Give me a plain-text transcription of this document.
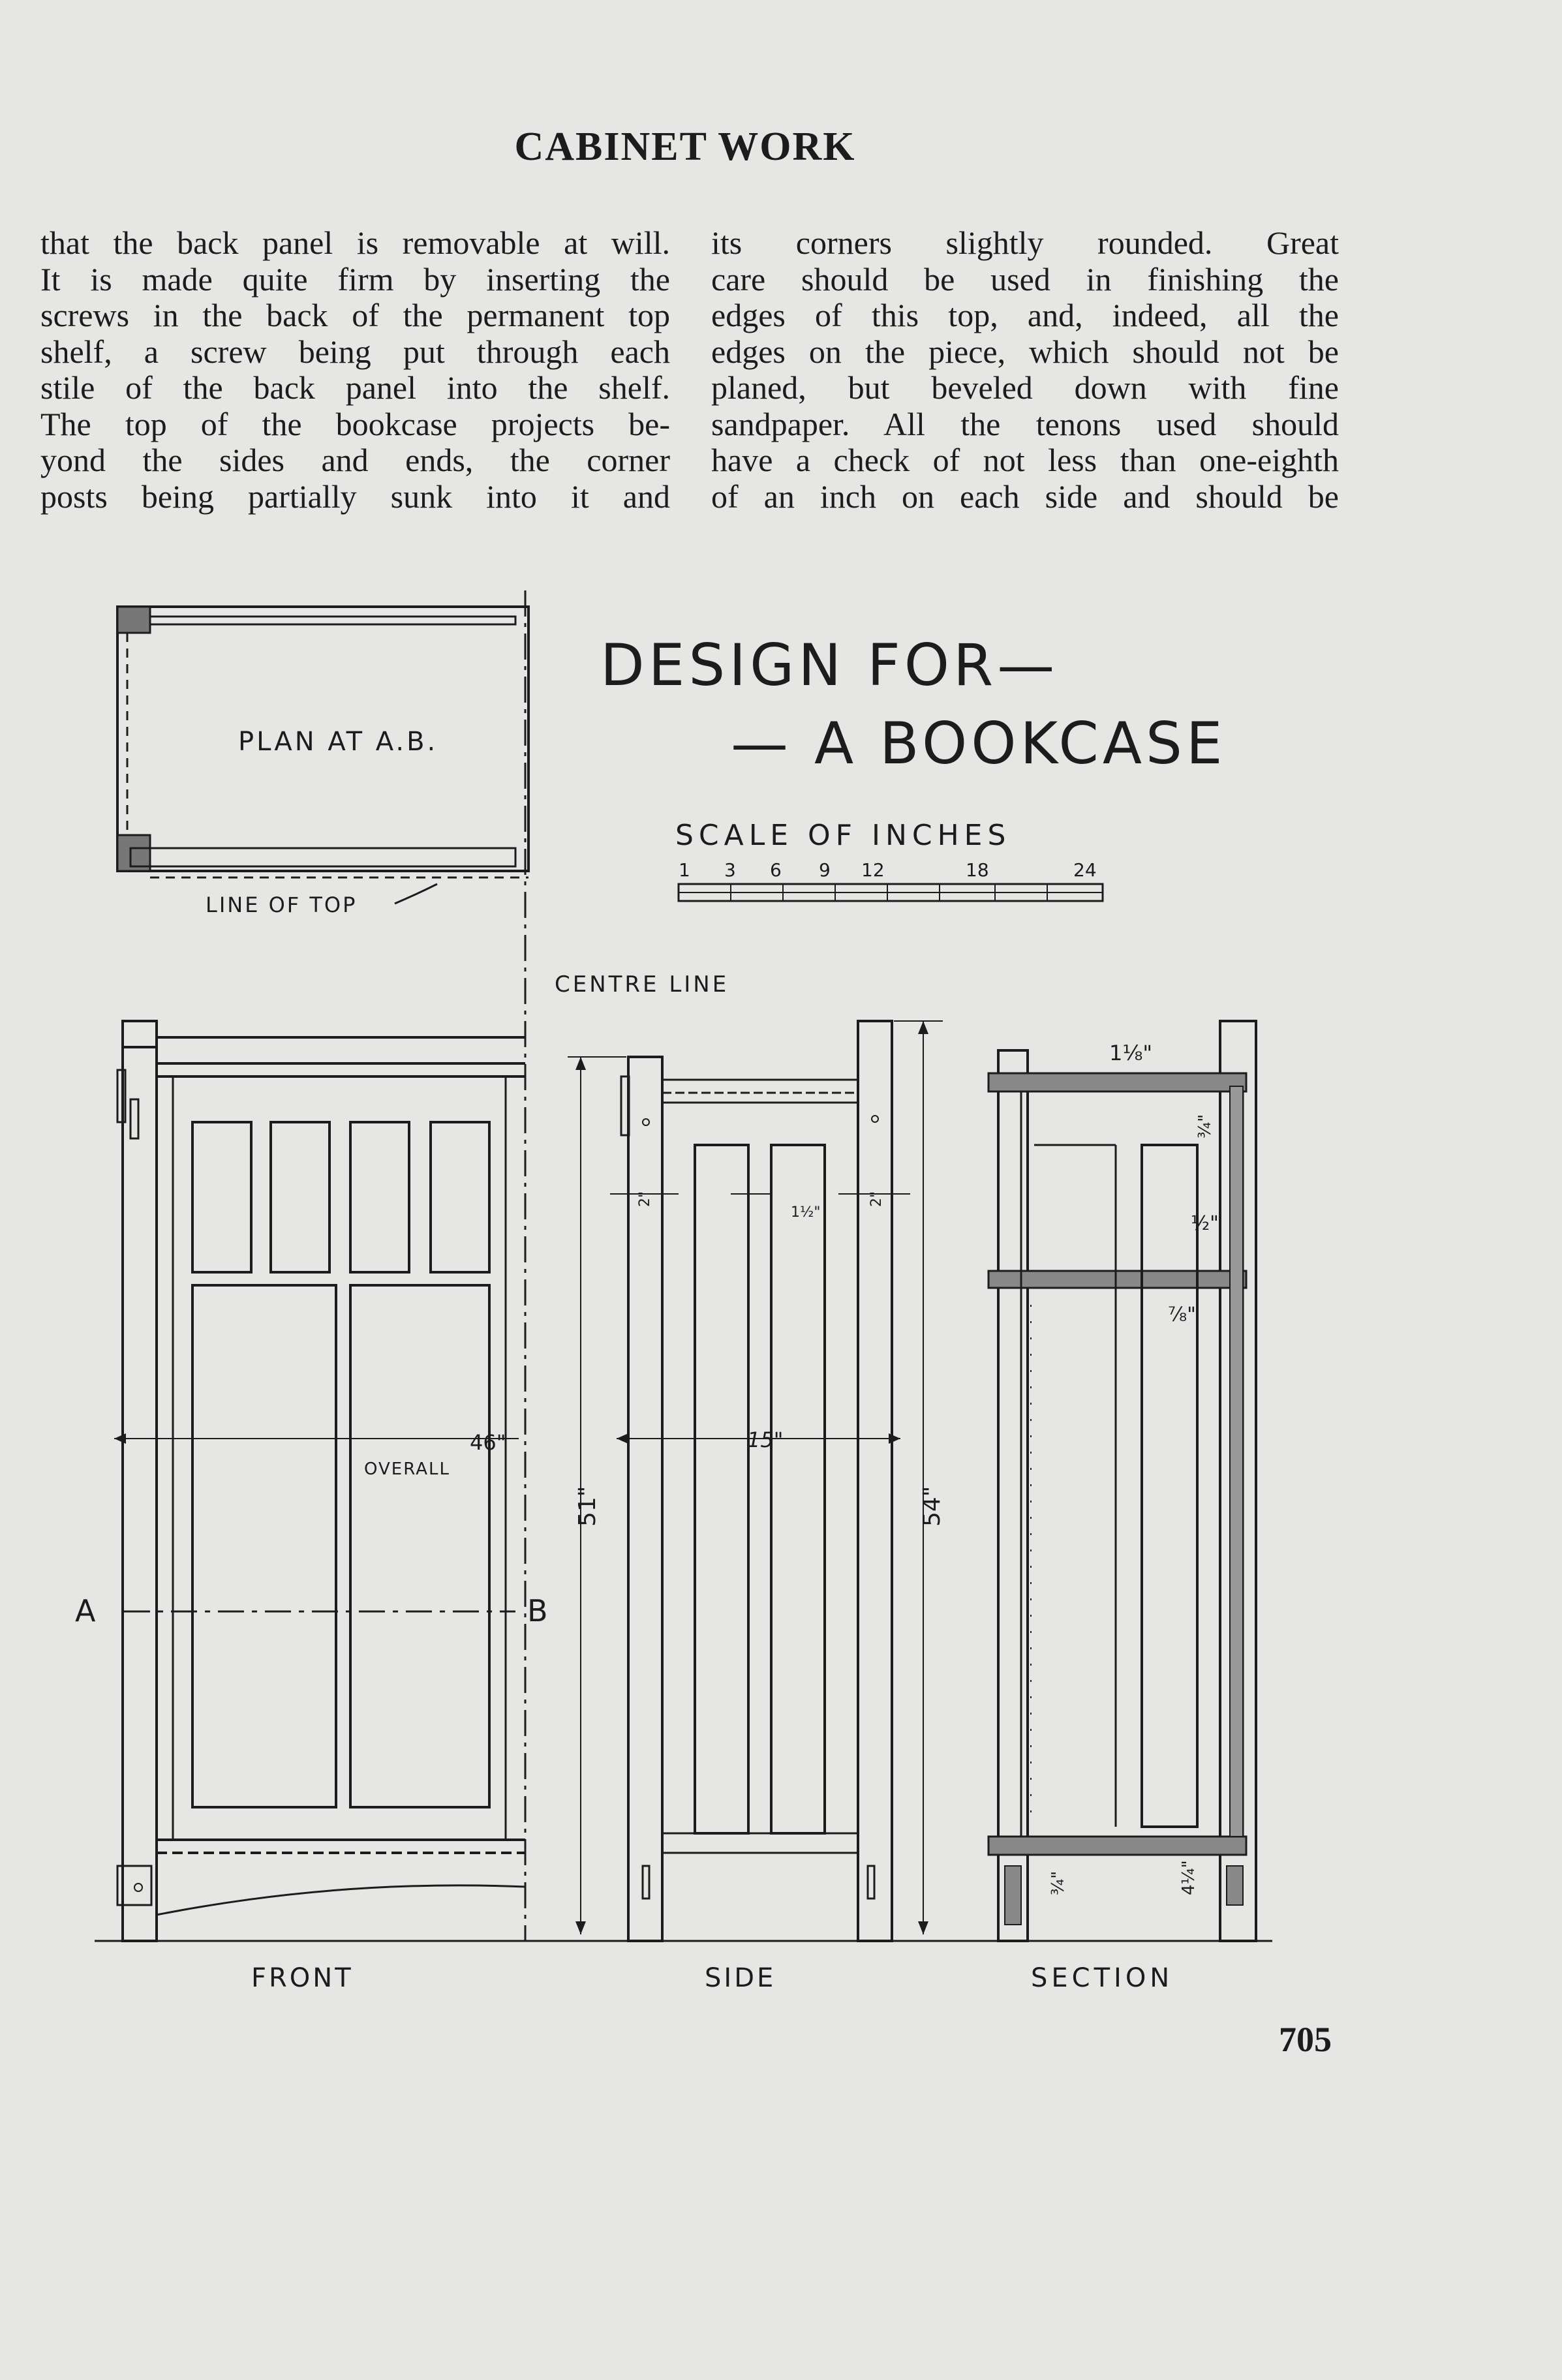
CABINET WORK
that the back panel is removable at will.
It is made quite firm by inserting the
screws in the back of the permanent top
shelf, a screw being put through each
stile of the back panel into the shelf.
The top of the bookcase projects be-
yond the sides and ends, the corner
posts being partially sunk into it and
its corners slightly rounded. Great
care should be used in finishing the
edges of this top, and, indeed, all the
edges on the piece, which should not be
planed, but beveled down with fine
sandpaper. All the tenons used should
have a check of not less than one-eighth
of an inch on each side and should be
PLAN AT A.B.
LINE OF TOP
DESIGN FOR—
— A BOOKCASE
SCALE OF INCHES
1 3 6 9 12	18	24
CENTRE LINE
46"
OVERALL
A	B
FRONT
51"	54"
15"
2"
1½"
2"
SIDE
1⅛"
¾"
½"
⅞"
¾"	4¼"
SECTION
705
